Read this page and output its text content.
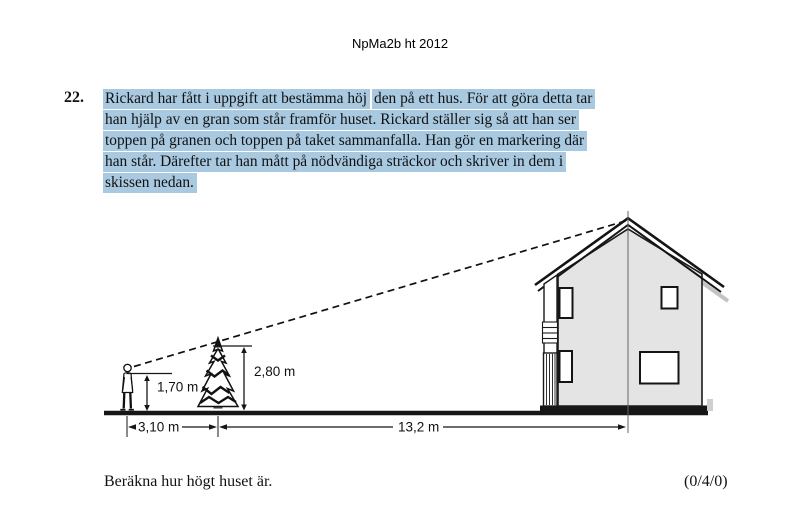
NpMa2b ht 2012
22. Rickard har fått i uppgift att bestämma höj den på ett hus. För att göra detta tar
han hjälp av en gran som står framför huset. Rickard ställer sig så att han ser
toppen på granen och toppen på taket sammanfalla. Han gör en markering där
han står. Därefter tar han mått på nödvändiga sträckor och skriver in dem i
skissen nedan.
1,70 m
2,80 m
3,10 m	13,2 m
Beräkna hur högt huset är.	(0/4/0)
